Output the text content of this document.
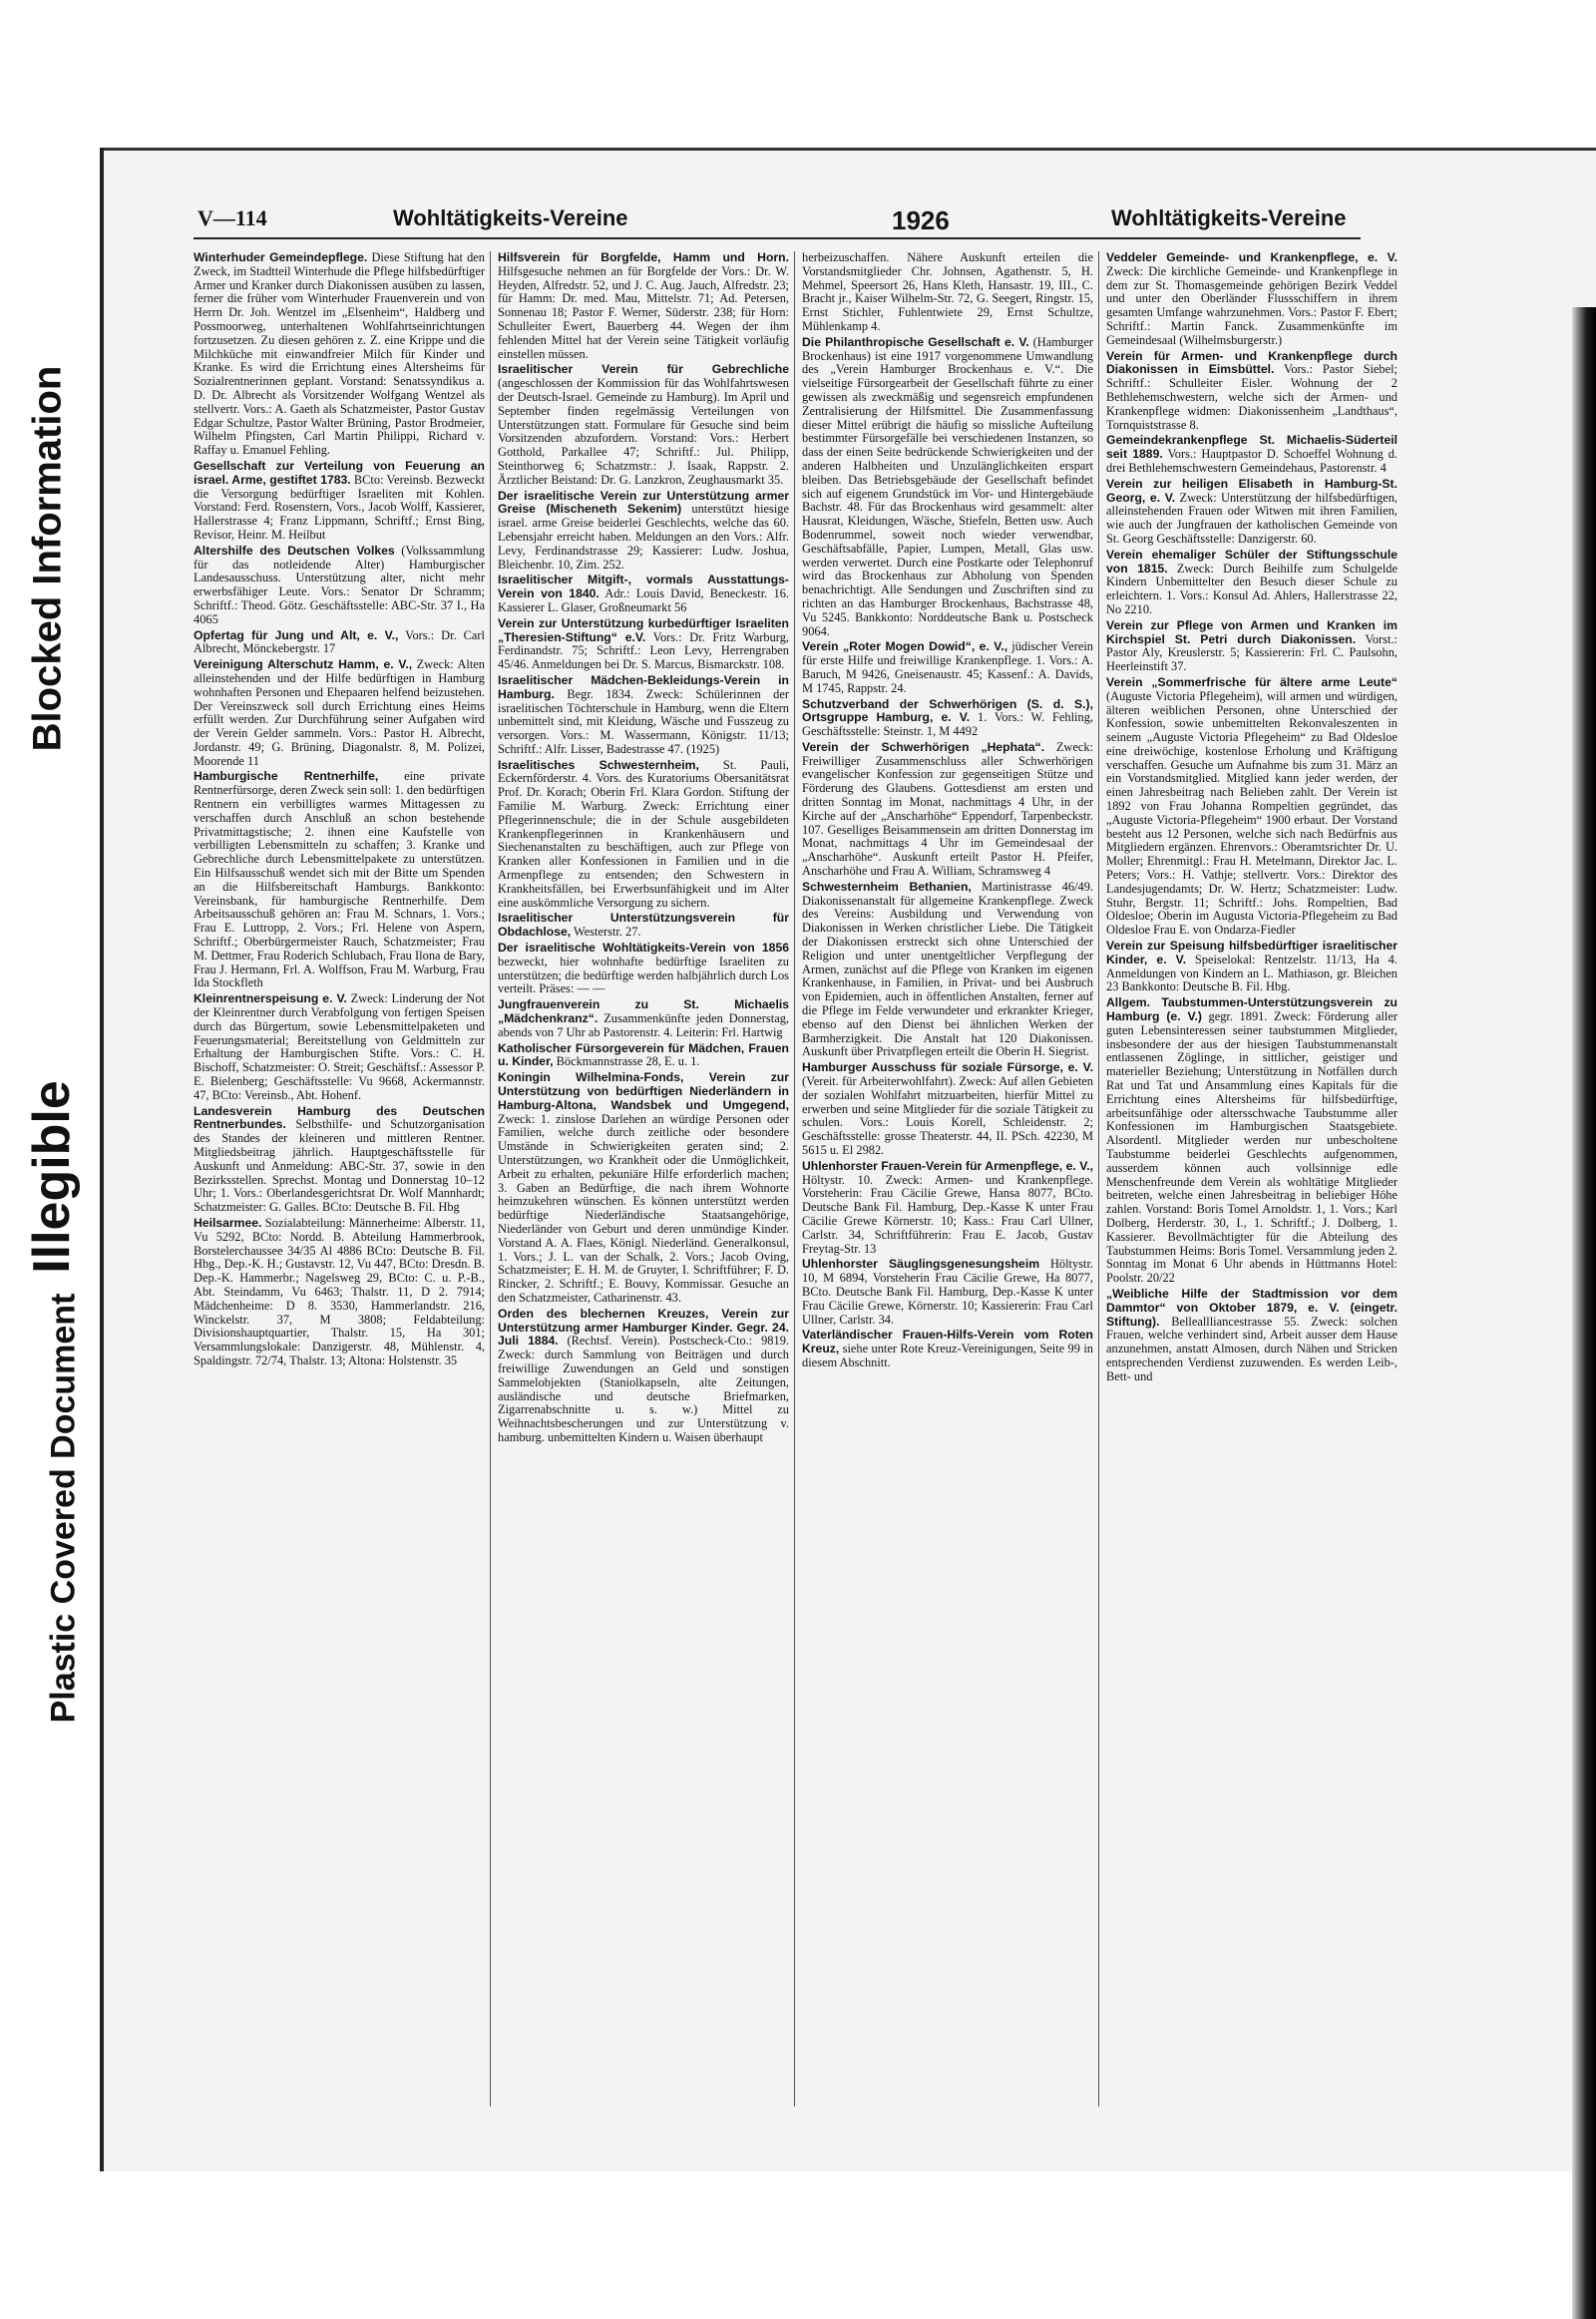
Blocked Information
Illegible
Plastic Covered Document
V—114	Wohltätigkeits-Vereine	1926	Wohltätigkeits-Vereine

Winterhuder Gemeindepflege. Diese Stiftung hat den Zweck, im Stadtteil Winterhude die Pflege hilfsbedürftiger Armer und Kranker durch Diakonissen ausüben zu lassen, ferner die früher vom Winterhuder Frauenverein und von Herrn Dr. Joh. Wentzel im „Elsenheim“, Haldberg und Possmoorweg, unterhaltenen Wohlfahrtseinrichtungen fortzusetzen. Zu diesen gehören z. Z. eine Krippe und die Milchküche mit einwandfreier Milch für Kinder und Kranke. Es wird die Errichtung eines Altersheims für Sozialrentnerinnen geplant. Vorstand: Senatssyndikus a. D. Dr. Albrecht als Vorsitzender Wolfgang Wentzel als stellvertr. Vors.: A. Gaeth als Schatzmeister, Pastor Gustav Edgar Schultze, Pastor Walter Brüning, Pastor Brodmeier, Wilhelm Pfingsten, Carl Martin Philippi, Richard v. Raffay u. Emanuel Fehling.

Gesellschaft zur Verteilung von Feuerung an israel. Arme, gestiftet 1783. BCto: Vereinsb. Bezweckt die Versorgung bedürftiger Israeliten mit Kohlen. Vorstand: Ferd. Rosenstern, Vors., Jacob Wolff, Kassierer, Hallerstrasse 4; Franz Lippmann, Schriftf.; Ernst Bing, Revisor, Heinr. M. Heilbut

Altershilfe des Deutschen Volkes (Volkssammlung für das notleidende Alter) Hamburgischer Landesausschuss. Unterstützung alter, nicht mehr erwerbsfähiger Leute. Vors.: Senator Dr Schramm; Schriftf.: Theod. Götz. Geschäftsstelle: ABC-Str. 37 I., Ha 4065

Opfertag für Jung und Alt, e. V., Vors.: Dr. Carl Albrecht, Mönckebergstr. 17

Vereinigung Alterschutz Hamm, e. V., Zweck: Alten alleinstehenden und der Hilfe bedürftigen in Hamburg wohnhaften Personen und Ehepaaren helfend beizustehen. Der Vereinszweck soll durch Errichtung eines Heims erfüllt werden. Zur Durchführung seiner Aufgaben wird der Verein Gelder sammeln. Vors.: Pastor H. Albrecht, Jordanstr. 49; G. Brüning, Diagonalstr. 8, M. Polizei, Moorende 11

Hamburgische Rentnerhilfe, eine private Rentnerfürsorge, deren Zweck sein soll: 1. den bedürftigen Rentnern ein verbilligtes warmes Mittagessen zu verschaffen durch Anschluß an schon bestehende Privatmittagstische; 2. ihnen eine Kaufstelle von verbilligten Lebensmitteln zu schaffen; 3. Kranke und Gebrechliche durch Lebensmittelpakete zu unterstützen. Ein Hilfsausschuß wendet sich mit der Bitte um Spenden an die Hilfsbereitschaft Hamburgs. Bankkonto: Vereinsbank, für hamburgische Rentnerhilfe. Dem Arbeitsausschuß gehören an: Frau M. Schnars, 1. Vors.; Frau E. Luttropp, 2. Vors.; Frl. Helene von Aspern, Schriftf.; Oberbürgermeister Rauch, Schatzmeister; Frau M. Dettmer, Frau Roderich Schlubach, Frau Ilona de Bary, Frau J. Hermann, Frl. A. Wolffson, Frau M. Warburg, Frau Ida Stockfleth

Kleinrentnerspeisung e. V. Zweck: Linderung der Not der Kleinrentner durch Verabfolgung von fertigen Speisen durch das Bürgertum, sowie Lebensmittelpaketen und Feuerungsmaterial; Bereitstellung von Geldmitteln zur Erhaltung der Hamburgischen Stifte. Vors.: C. H. Bischoff, Schatzmeister: O. Streit; Geschäftsf.: Assessor P. E. Bielenberg; Geschäftsstelle: Vu 9668, Ackermannstr. 47, BCto: Vereinsb., Abt. Hohenf.

Landesverein Hamburg des Deutschen Rentnerbundes. Selbsthilfe- und Schutzorganisation des Standes der kleineren und mittleren Rentner. Mitgliedsbeitrag jährlich. Hauptgeschäftsstelle für Auskunft und Anmeldung: ABC-Str. 37, sowie in den Bezirksstellen. Sprechst. Montag und Donnerstag 10–12 Uhr; 1. Vors.: Oberlandesgerichtsrat Dr. Wolf Mannhardt; Schatzmeister: G. Galles. BCto: Deutsche B. Fil. Hbg

Heilsarmee. Sozialabteilung: Männerheime: Alberstr. 11, Vu 5292, BCto: Nordd. B. Abteilung Hammerbrook, Borstelerchaussee 34/35 Al 4886 BCto: Deutsche B. Fil. Hbg., Dep.-K. H.; Gustavstr. 12, Vu 447, BCto: Dresdn. B. Dep.-K. Hammerbr.; Nagelsweg 29, BCto: C. u. P.-B., Abt. Steindamm, Vu 6463; Thalstr. 11, D 2. 7914; Mädchenheime: D 8. 3530, Hammerlandstr. 216, Winckelstr. 37, M 3808; Feldabteilung: Divisionshauptquartier, Thalstr. 15, Ha 301; Versammlungslokale: Danzigerstr. 48, Mühlenstr. 4, Spaldingstr. 72/74, Thalstr. 13; Altona: Holstenstr. 35

Hilfsverein für Borgfelde, Hamm und Horn. Hilfsgesuche nehmen an für Borgfelde der Vors.: Dr. W. Heyden, Alfredstr. 52, und J. C. Aug. Jauch, Alfredstr. 23; für Hamm: Dr. med. Mau, Mittelstr. 71; Ad. Petersen, Sonnenau 18; Pastor F. Werner, Süderstr. 238; für Horn: Schulleiter Ewert, Bauerberg 44. Wegen der ihm fehlenden Mittel hat der Verein seine Tätigkeit vorläufig einstellen müssen.

Israelitischer Verein für Gebrechliche (angeschlossen der Kommission für das Wohlfahrtswesen der Deutsch-Israel. Gemeinde zu Hamburg). Im April und September finden regelmässig Verteilungen von Unterstützungen statt. Formulare für Gesuche sind beim Vorsitzenden abzufordern. Vorstand: Vors.: Herbert Gotthold, Parkallee 47; Schriftf.: Jul. Philipp, Steinthorweg 6; Schatzmstr.: J. Isaak, Rappstr. 2. Ärztlicher Beistand: Dr. G. Lanzkron, Zeughausmarkt 35.

Der israelitische Verein zur Unterstützung armer Greise (Mischeneth Sekenim) unterstützt hiesige israel. arme Greise beiderlei Geschlechts, welche das 60. Lebensjahr erreicht haben. Meldungen an den Vors.: Alfr. Levy, Ferdinandstrasse 29; Kassierer: Ludw. Joshua, Bleichenbr. 10, Zim. 252.

Israelitischer Mitgift-, vormals Ausstattungs-Verein von 1840. Adr.: Louis David, Beneckestr. 16. Kassierer L. Glaser, Großneumarkt 56

Verein zur Unterstützung kurbedürftiger Israeliten „Theresien-Stiftung“ e.V. Vors.: Dr. Fritz Warburg, Ferdinandstr. 75; Schriftf.: Leon Levy, Herrengraben 45/46. Anmeldungen bei Dr. S. Marcus, Bismarckstr. 108.

Israelitischer Mädchen-Bekleidungs-Verein in Hamburg. Begr. 1834. Zweck: Schülerinnen der israelitischen Töchterschule in Hamburg, wenn die Eltern unbemittelt sind, mit Kleidung, Wäsche und Fusszeug zu versorgen. Vors.: M. Wassermann, Königstr. 11/13; Schriftf.: Alfr. Lisser, Badestrasse 47. (1925)

Israelitisches Schwesternheim, St. Pauli, Eckernförderstr. 4. Vors. des Kuratoriums Obersanitätsrat Prof. Dr. Korach; Oberin Frl. Klara Gordon. Stiftung der Familie M. Warburg. Zweck: Errichtung einer Pflegerinnenschule; die in der Schule ausgebildeten Krankenpflegerinnen in Krankenhäusern und Siechenanstalten zu beschäftigen, auch zur Pflege von Kranken aller Konfessionen in Familien und in die Armenpflege zu entsenden; den Schwestern in Krankheitsfällen, bei Erwerbsunfähigkeit und im Alter eine auskömmliche Versorgung zu sichern.

Israelitischer Unterstützungsverein für Obdachlose, Westerstr. 27.

Der israelitische Wohltätigkeits-Verein von 1856 bezweckt, hier wohnhafte bedürftige Israeliten zu unterstützen; die bedürftige werden halbjährlich durch Los verteilt. Präses: — —

Jungfrauenverein zu St. Michaelis „Mädchenkranz“. Zusammenkünfte jeden Donnerstag, abends von 7 Uhr ab Pastorenstr. 4. Leiterin: Frl. Hartwig

Katholischer Fürsorgeverein für Mädchen, Frauen u. Kinder, Böckmannstrasse 28, E. u. 1.

Koningin Wilhelmina-Fonds, Verein zur Unterstützung von bedürftigen Niederländern in Hamburg-Altona, Wandsbek und Umgegend, Zweck: 1. zinslose Darlehen an würdige Personen oder Familien, welche durch zeitliche oder besondere Umstände in Schwierigkeiten geraten sind; 2. Unterstützungen, wo Krankheit oder die Unmöglichkeit, Arbeit zu erhalten, pekuniäre Hilfe erforderlich machen; 3. Gaben an Bedürftige, die nach ihrem Wohnorte heimzukehren wünschen. Es können unterstützt werden bedürftige Niederländische Staatsangehörige, Niederländer von Geburt und deren unmündige Kinder. Vorstand A. A. Flaes, Königl. Niederländ. Generalkonsul, 1. Vors.; J. L. van der Schalk, 2. Vors.; Jacob Oving, Schatzmeister; E. H. M. de Gruyter, I. Schriftführer; F. D. Rincker, 2. Schriftf.; E. Bouvy, Kommissar. Gesuche an den Schatzmeister, Catharinenstr. 43.

Orden des blechernen Kreuzes, Verein zur Unterstützung armer Hamburger Kinder. Gegr. 24. Juli 1884. (Rechtsf. Verein). Postscheck-Cto.: 9819. Zweck: durch Sammlung von Beiträgen und durch freiwillige Zuwendungen an Geld und sonstigen Sammelobjekten (Staniolkapseln, alte Zeitungen, ausländische und deutsche Briefmarken, Zigarrenabschnitte u. s. w.) Mittel zu Weihnachtsbescherungen und zur Unterstützung v. hamburg. unbemittelten Kindern u. Waisen überhaupt

herbeizuschaffen. Nähere Auskunft erteilen die Vorstandsmitglieder Chr. Johnsen, Agathenstr. 5, H. Mehmel, Speersort 26, Hans Kleth, Hansastr. 19, III., C. Bracht jr., Kaiser Wilhelm-Str. 72, G. Seegert, Ringstr. 15, Ernst Stichler, Fuhlentwiete 29, Ernst Schultze, Mühlenkamp 4.

Die Philanthropische Gesellschaft e. V. (Hamburger Brockenhaus) ist eine 1917 vorgenommene Umwandlung des „Verein Hamburger Brockenhaus e. V.“. Die vielseitige Fürsorgearbeit der Gesellschaft führte zu einer gewissen als zweckmäßig und segensreich empfundenen Zentralisierung der Hilfsmittel. Die Zusammenfassung dieser Mittel erübrigt die häufig so missliche Aufteilung bestimmter Fürsorgefälle bei verschiedenen Instanzen, so dass der einen Seite bedrückende Schwierigkeiten und der anderen Halbheiten und Unzulänglichkeiten erspart bleiben. Das Betriebsgebäude der Gesellschaft befindet sich auf eigenem Grundstück im Vor- und Hintergebäude Bachstr. 48. Für das Brockenhaus wird gesammelt: alter Hausrat, Kleidungen, Wäsche, Stiefeln, Betten usw. Auch Bodenrummel, soweit noch wieder verwendbar, Geschäftsabfälle, Papier, Lumpen, Metall, Glas usw. werden verwertet. Durch eine Postkarte oder Telephonruf wird das Brockenhaus zur Abholung von Spenden benachrichtigt. Alle Sendungen und Zuschriften sind zu richten an das Hamburger Brockenhaus, Bachstrasse 48, Vu 5245. Bankkonto: Norddeutsche Bank u. Postscheck 9064.

Verein „Roter Mogen Dowid“, e. V., jüdischer Verein für erste Hilfe und freiwillige Krankenpflege. 1. Vors.: A. Baruch, M 9426, Gneisenaustr. 45; Kassenf.: A. Davids, M 1745, Rappstr. 24.

Schutzverband der Schwerhörigen (S. d. S.), Ortsgruppe Hamburg, e. V. 1. Vors.: W. Fehling, Geschäftsstelle: Steinstr. 1, M 4492

Verein der Schwerhörigen „Hephata“. Zweck: Freiwilliger Zusammenschluss aller Schwerhörigen evangelischer Konfession zur gegenseitigen Stütze und Förderung des Glaubens. Gottesdienst am ersten und dritten Sonntag im Monat, nachmittags 4 Uhr, in der Kirche auf der „Anscharhöhe“ Eppendorf, Tarpenbeckstr. 107. Geselliges Beisammensein am dritten Donnerstag im Monat, nachmittags 4 Uhr im Gemeindesaal der „Anscharhöhe“. Auskunft erteilt Pastor H. Pfeifer, Anscharhöhe und Frau A. William, Schramsweg 4

Schwesternheim Bethanien, Martinistrasse 46/49. Diakonissenanstalt für allgemeine Krankenpflege. Zweck des Vereins: Ausbildung und Verwendung von Diakonissen in Werken christlicher Liebe. Die Tätigkeit der Diakonissen erstreckt sich ohne Unterschied der Religion und unter unentgeltlicher Verpflegung der Armen, zunächst auf die Pflege von Kranken im eigenen Krankenhause, in Familien, in Privat- und bei Ausbruch von Epidemien, auch in öffentlichen Anstalten, ferner auf die Pflege im Felde verwundeter und erkrankter Krieger, ebenso auf den Dienst bei ähnlichen Werken der Barmherzigkeit. Die Anstalt hat 120 Diakonissen. Auskunft über Privatpflegen erteilt die Oberin H. Siegrist.

Hamburger Ausschuss für soziale Fürsorge, e. V. (Vereit. für Arbeiterwohlfahrt). Zweck: Auf allen Gebieten der sozialen Wohlfahrt mitzuarbeiten, hierfür Mittel zu erwerben und seine Mitglieder für die soziale Tätigkeit zu schulen. Vors.: Louis Korell, Schleidenstr. 2; Geschäftsstelle: grosse Theaterstr. 44, II. PSch. 42230, M 5615 u. El 2982.

Uhlenhorster Frauen-Verein für Armenpflege, e. V., Höltystr. 10. Zweck: Armen- und Krankenpflege. Vorsteherin: Frau Cäcilie Grewe, Hansa 8077, BCto. Deutsche Bank Fil. Hamburg, Dep.-Kasse K unter Frau Cäcilie Grewe Körnerstr. 10; Kass.: Frau Carl Ullner, Carlstr. 34, Schriftführerin: Frau E. Jacob, Gustav Freytag-Str. 13

Uhlenhorster Säuglingsgenesungsheim Höltystr. 10, M 6894, Vorsteherin Frau Cäcilie Grewe, Ha 8077, BCto. Deutsche Bank Fil. Hamburg, Dep.-Kasse K unter Frau Cäcilie Grewe, Körnerstr. 10; Kassiererin: Frau Carl Ullner, Carlstr. 34.

Vaterländischer Frauen-Hilfs-Verein vom Roten Kreuz, siehe unter Rote Kreuz-Vereinigungen, Seite 99 in diesem Abschnitt.

Veddeler Gemeinde- und Krankenpflege, e. V. Zweck: Die kirchliche Gemeinde- und Krankenpflege in dem zur St. Thomasgemeinde gehörigen Bezirk Veddel und unter den Oberländer Flussschiffern in ihrem gesamten Umfange wahrzunehmen. Vors.: Pastor F. Ebert; Schriftf.: Martin Fanck. Zusammenkünfte im Gemeindesaal (Wilhelmsburgerstr.)

Verein für Armen- und Krankenpflege durch Diakonissen in Eimsbüttel. Vors.: Pastor Siebel; Schriftf.: Schulleiter Eisler. Wohnung der 2 Bethlehemschwestern, welche sich der Armen- und Krankenpflege widmen: Diakonissenheim „Landthaus“, Tornquiststrasse 8.

Gemeindekrankenpflege St. Michaelis-Süderteil seit 1889. Vors.: Hauptpastor D. Schoeffel Wohnung d. drei Bethlehemschwestern Gemeindehaus, Pastorenstr. 4

Verein zur heiligen Elisabeth in Hamburg-St. Georg, e. V. Zweck: Unterstützung der hilfsbedürftigen, alleinstehenden Frauen oder Witwen mit ihren Familien, wie auch der Jungfrauen der katholischen Gemeinde von St. Georg Geschäftsstelle: Danzigerstr. 60.

Verein ehemaliger Schüler der Stiftungsschule von 1815. Zweck: Durch Beihilfe zum Schulgelde Kindern Unbemittelter den Besuch dieser Schule zu erleichtern. 1. Vors.: Konsul Ad. Ahlers, Hallerstrasse 22, No 2210.

Verein zur Pflege von Armen und Kranken im Kirchspiel St. Petri durch Diakonissen. Vorst.: Pastor Aly, Kreuslerstr. 5; Kassiererin: Frl. C. Paulsohn, Heerleinstift 37.

Verein „Sommerfrische für ältere arme Leute“ (Auguste Victoria Pflegeheim), will armen und würdigen, älteren weiblichen Personen, ohne Unterschied der Konfession, sowie unbemittelten Rekonvaleszenten in seinem „Auguste Victoria Pflegeheim“ zu Bad Oldesloe eine dreiwöchige, kostenlose Erholung und Kräftigung verschaffen. Gesuche um Aufnahme bis zum 31. März an ein Vorstandsmitglied. Mitglied kann jeder werden, der einen Jahresbeitrag nach Belieben zahlt. Der Verein ist 1892 von Frau Johanna Rompeltien gegründet, das „Auguste Victoria-Pflegeheim“ 1900 erbaut. Der Vorstand besteht aus 12 Personen, welche sich nach Bedürfnis aus Mitgliedern ergänzen. Ehrenvors.: Oberamtsrichter Dr. U. Moller; Ehrenmitgl.: Frau H. Metelmann, Direktor Jac. L. Peters; Vors.: H. Vathje; stellvertr. Vors.: Direktor des Landesjugendamts; Dr. W. Hertz; Schatzmeister: Ludw. Stuhr, Bergstr. 11; Schriftf.: Johs. Rompeltien, Bad Oldesloe; Oberin im Augusta Victoria-Pflegeheim zu Bad Oldesloe Frau E. von Ondarza-Fiedler

Verein zur Speisung hilfsbedürftiger israelitischer Kinder, e. V. Speiselokal: Rentzelstr. 11/13, Ha 4. Anmeldungen von Kindern an L. Mathiason, gr. Bleichen 23 Bankkonto: Deutsche B. Fil. Hbg.

Allgem. Taubstummen-Unterstützungsverein zu Hamburg (e. V.) gegr. 1891. Zweck: Förderung aller guten Lebensinteressen seiner taubstummen Mitglieder, insbesondere der aus der hiesigen Taubstummenanstalt entlassenen Zöglinge, in sittlicher, geistiger und materieller Beziehung; Unterstützung in Notfällen durch Rat und Tat und Ansammlung eines Kapitals für die Errichtung eines Altersheims für hilfsbedürftige, arbeitsunfähige oder altersschwache Taubstumme aller Konfessionen im Hamburgischen Staatsgebiete. Alsordentl. Mitglieder werden nur unbescholtene Taubstumme beiderlei Geschlechts aufgenommen, ausserdem können auch vollsinnige edle Menschenfreunde dem Verein als wohltätige Mitglieder beitreten, welche einen Jahresbeitrag in beliebiger Höhe zahlen. Vorstand: Boris Tomel Arnoldstr. 1, 1. Vors.; Karl Dolberg, Herderstr. 30, I., 1. Schriftf.; J. Dolberg, 1. Kassierer. Bevollmächtigter für die Abteilung des Taubstummen Heims: Boris Tomel. Versammlung jeden 2. Sonntag im Monat 6 Uhr abends in Hüttmanns Hotel: Poolstr. 20/22

„Weibliche Hilfe der Stadtmission vor dem Dammtor“ von Oktober 1879, e. V. (eingetr. Stiftung). Belleallliancestrasse 55. Zweck: solchen Frauen, welche verhindert sind, Arbeit ausser dem Hause anzunehmen, anstatt Almosen, durch Nähen und Stricken entsprechenden Verdienst zuzuwenden. Es werden Leib-, Bett- und
